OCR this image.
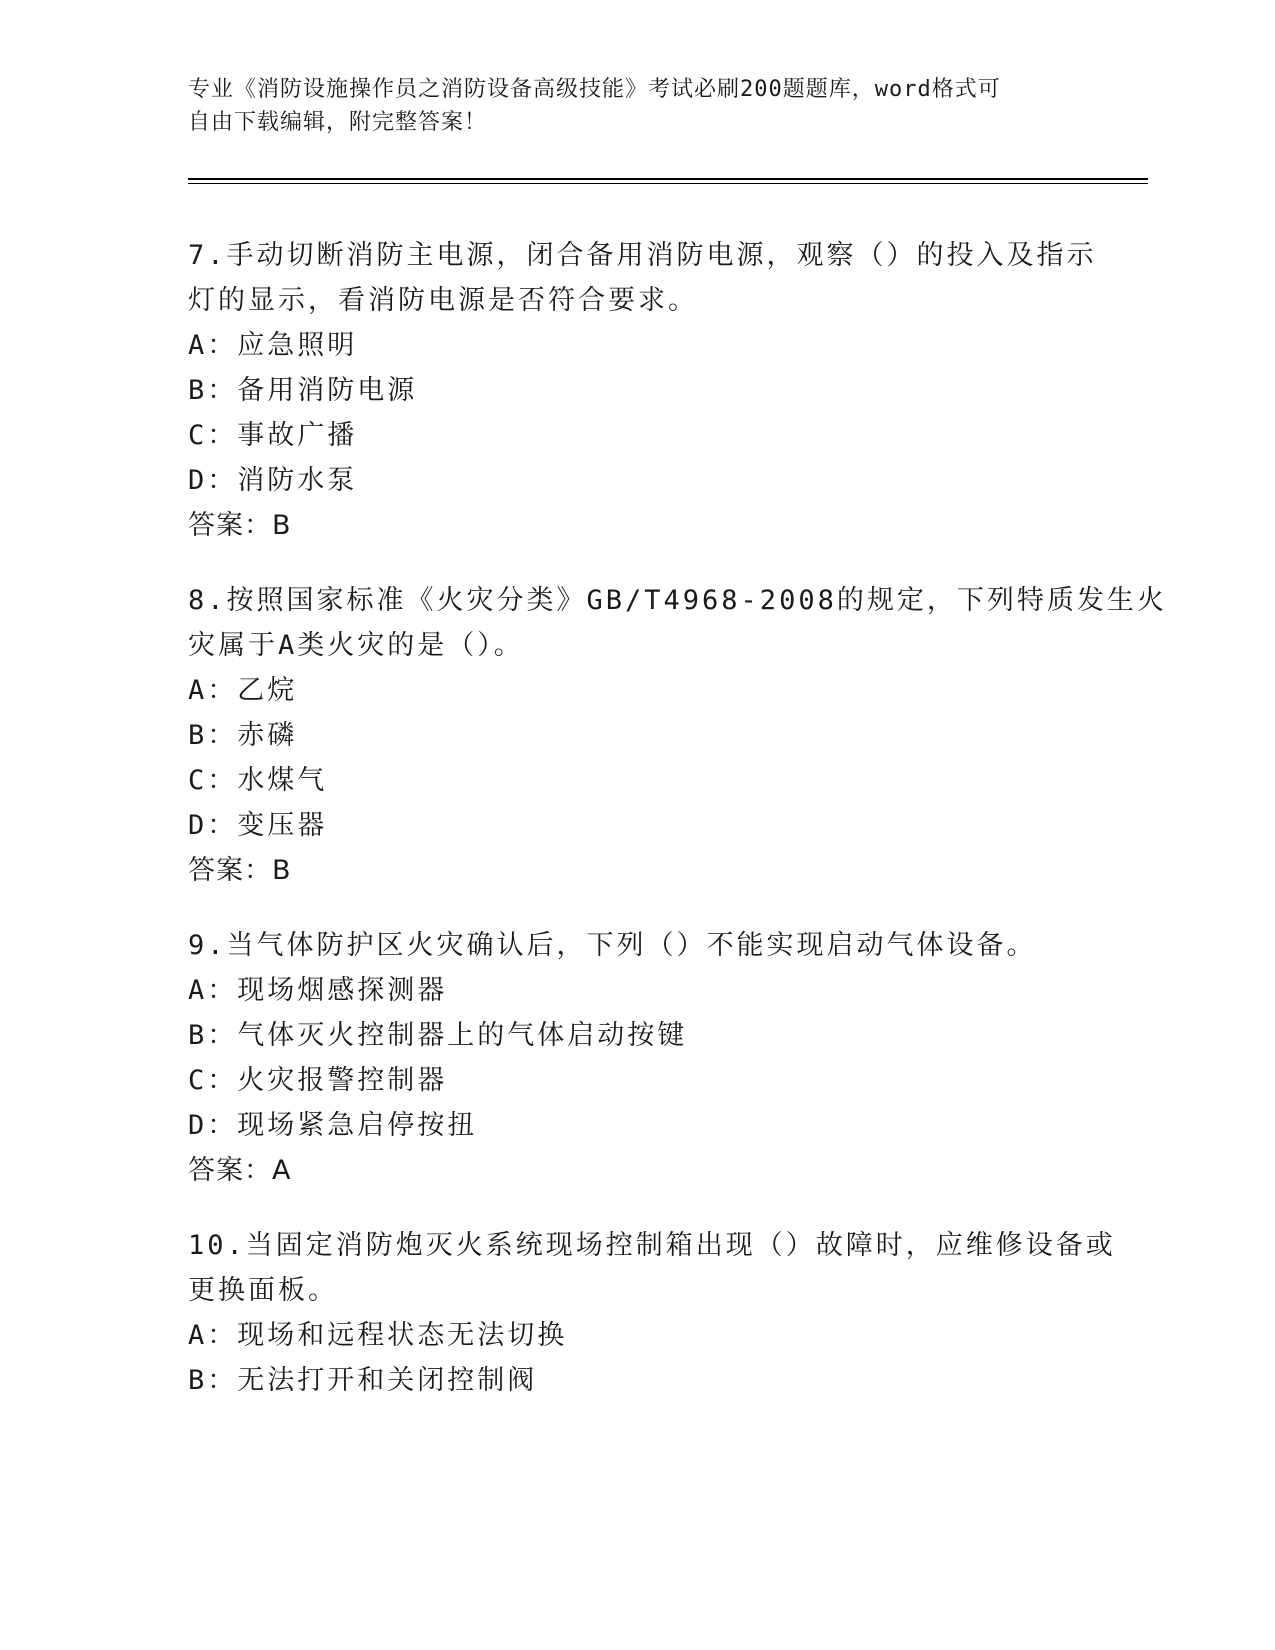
专业《消防设施操作员之消防设备高级技能》考试必刷200题题库，word格式可
自由下载编辑，附完整答案！
7.手动切断消防主电源，闭合备用消防电源，观察（）的投入及指示
灯的显示，看消防电源是否符合要求。
A：应急照明
B：备用消防电源
C：事故广播
D：消防水泵
答案：B
8.按照国家标准《火灾分类》GB/T4968-2008的规定，下列特质发生火
灾属于A类火灾的是（）。
A：乙烷
B：赤磷
C：水煤气
D：变压器
答案：B
9.当气体防护区火灾确认后，下列（）不能实现启动气体设备。
A：现场烟感探测器
B：气体灭火控制器上的气体启动按键
C：火灾报警控制器
D：现场紧急启停按扭
答案：A
10.当固定消防炮灭火系统现场控制箱出现（）故障时，应维修设备或
更换面板。
A：现场和远程状态无法切换
B：无法打开和关闭控制阀
